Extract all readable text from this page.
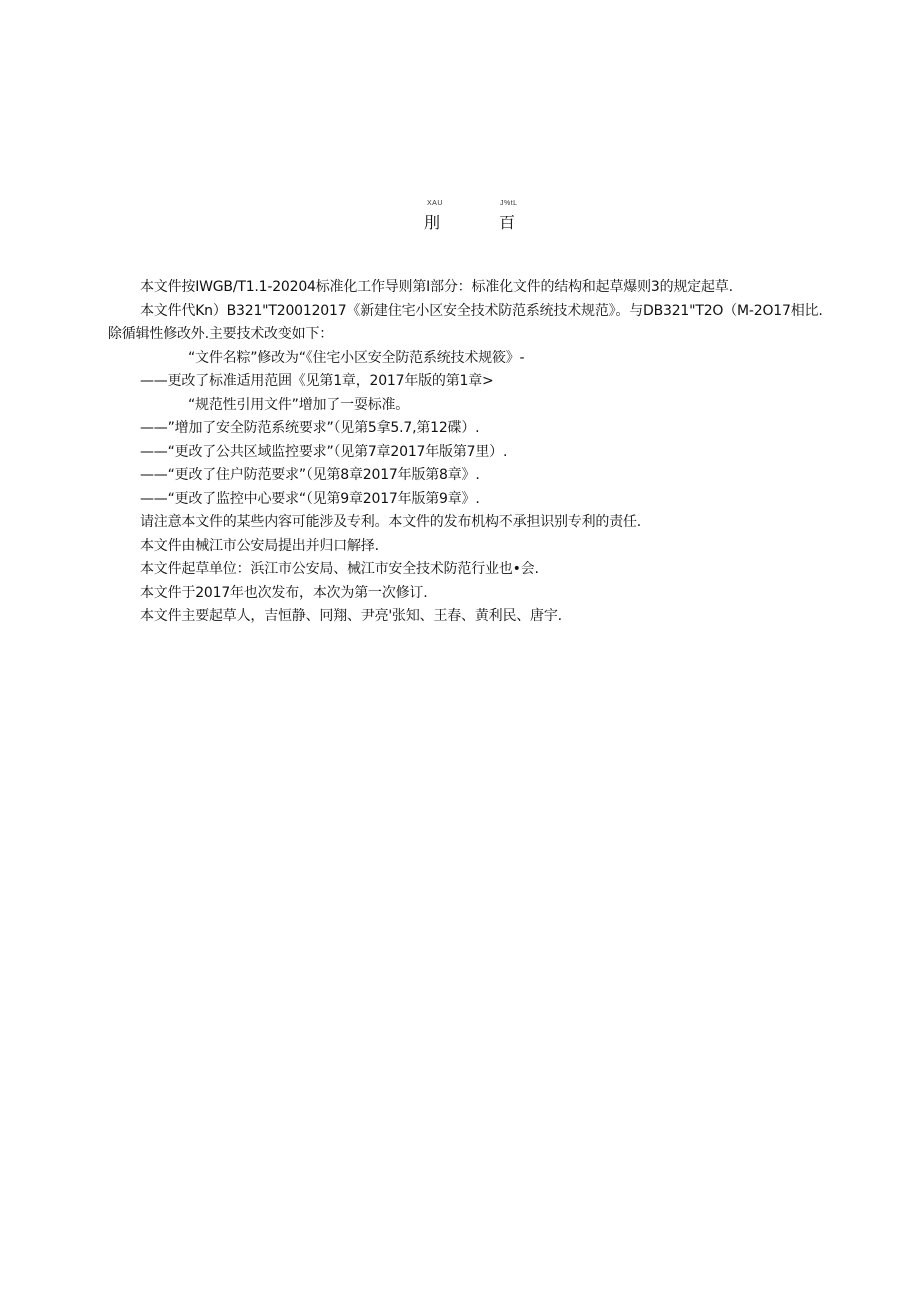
XAU
刖
J%tL
百
本文件按IWGB/T1.1-20204标准化工作导则第I部分：标准化文件的结构和起草爆则3的规定起草.
本文件代Kn）B321"T20012017《新建住宅小区安全技术防范系统技术规范》。与DB321"T2O（M-2O17相比.
除循辑性修改外.主要技术改变如下：
“文件名粽”修改为“《住宅小区安全防范系统技术规筱》-
——更改了标准适用范囲《见第1章，2017年版的第1章>
“规范性引用文件”增加了一耍标准。
——”增加了安全防范系统要求”（见第5拿5.7,第12碟）.
——“更改了公共区域监控要求”（见第7章2017年版第7里）.
——“更改了住户防范要求”（见第8章2017年版第8章》.
——“更改了监控中心要求“（见第9章2017年版第9章》.
请注意本文件的某些内容可能涉及专利。本文件的发布机构不承担识别专利的责任.
本文件由械江市公安局提出并归口解择.
本文件起草单位：浜江市公安局、械江市安全技术防范行业也•会.
本文件于2017年也次发布，本次为第一次修订.
本文件主要起草人，吉恒静、冋翔、尹亮'张知、王春、黄利民、唐宇.
